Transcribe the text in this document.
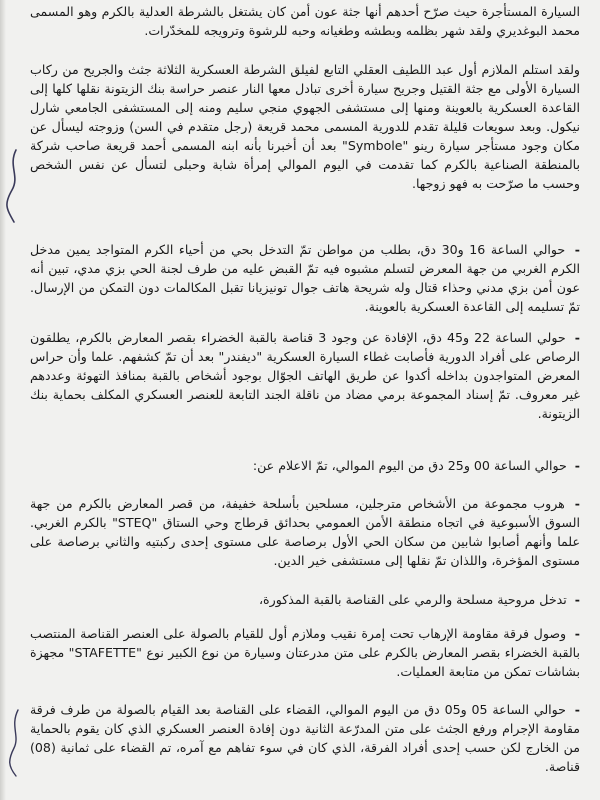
السيارة المستأجرة حيث صرّح أحدهم أنها جثة عون أمن كان يشتغل بالشرطة العدلية بالكرم وهو المسمى محمد البوغديري ولقد شهر بظلمه وبطشه وطغيانه وحبه للرشوة وترويجه للمخدّرات.

ولقد استلم الملازم أول عبد اللطيف العقلي التابع لفيلق الشرطة العسكرية الثلاثة جثث والجريح من ركاب السيارة الأولى مع جثة القتيل وجريح سيارة أخرى تبادل معها النار عنصر حراسة بنك الزيتونة نقلها كلها إلى القاعدة العسكرية بالعوينة ومنها إلى مستشفى الجهوي منجي سليم ومنه إلى المستشفى الجامعي شارل نيكول. وبعد سويعات قليلة تقدم للدورية المسمى محمد قريعة (رجل متقدم في السن) وزوجته ليسأل عن مكان وجود مستأجر سيارة رينو "Symbole" بعد أن أخبرنا بأنه ابنه المسمى أحمد قريعة صاحب شركة بالمنطقة الصناعية بالكرم كما تقدمت في اليوم الموالي إمرأة شابة وحبلى لتسأل عن نفس الشخص وحسب ما صرّحت به فهو زوجها.

- حوالي الساعة 16 و30 دق، بطلب من مواطن تمّ التدخل بحي من أحياء الكرم المتواجد يمين مدخل الكرم الغربي من جهة المعرض لتسلم مشبوه فيه تمّ القبض عليه من طرف لجنة الحي بزي مدي، تبين أنه عون أمن بزي مدني وحذاء قتال وله شريحة هاتف جوال تونيزيانا تقبل المكالمات دون التمكن من الإرسال. تمّ تسليمه إلى القاعدة العسكرية بالعوينة.

- حولي الساعة 22 و45 دق، الإفادة عن وجود 3 قناصة بالقبة الخضراء بقصر المعارض بالكرم، يطلقون الرصاص على أفراد الدورية فأصابت غطاء السيارة العسكرية "ديفندر" بعد أن تمّ كشفهم. علما وأن حراس المعرض المتواجدون بداخله أكدوا عن طريق الهاتف الجوّال بوجود أشخاص بالقبة بمنافذ التهوئة وعددهم غير معروف. تمّ إسناد المجموعة برمي مضاد من ناقلة الجند التابعة للعنصر العسكري المكلف بحماية بنك الزيتونة.

- حوالي الساعة 00 و25 دق من اليوم الموالي، تمّ الاعلام عن:

- هروب مجموعة من الأشخاص مترجلين، مسلحين بأسلحة خفيفة، من قصر المعارض بالكرم من جهة السوق الأسبوعية في اتجاه منطقة الأمن العمومي بحدائق قرطاج وحي الستاق "STEQ" بالكرم الغربي. علما وأنهم أصابوا شابين من سكان الحي الأول برصاصة على مستوى إحدى ركبتيه والثاني برصاصة على مستوى المؤخرة، واللذان تمّ نقلها إلى مستشفى خير الدين.

- تدخل مروحية مسلحة والرمي على القناصة بالقبة المذكورة،

- وصول فرقة مقاومة الإرهاب تحت إمرة نقيب وملازم أول للقيام بالصولة على العنصر القناصة المنتصب بالقبة الخضراء بقصر المعارض بالكرم على متن مدرعتان وسيارة من نوع الكبير نوع "STAFETTE" مجهزة بشاشات تمكن من متابعة العمليات.

- حوالي الساعة 05 و05 دق من اليوم الموالي، القضاء على القناصة بعد القيام بالصولة من طرف فرقة مقاومة الإجرام ورفع الجثث على متن المدرّعة الثانية دون إفادة العنصر العسكري الذي كان يقوم بالحماية من الخارج لكن حسب إحدى أفراد الفرقة، الذي كان في سوء تفاهم مع آمره، تم القضاء على ثمانية (08) قناصة.
